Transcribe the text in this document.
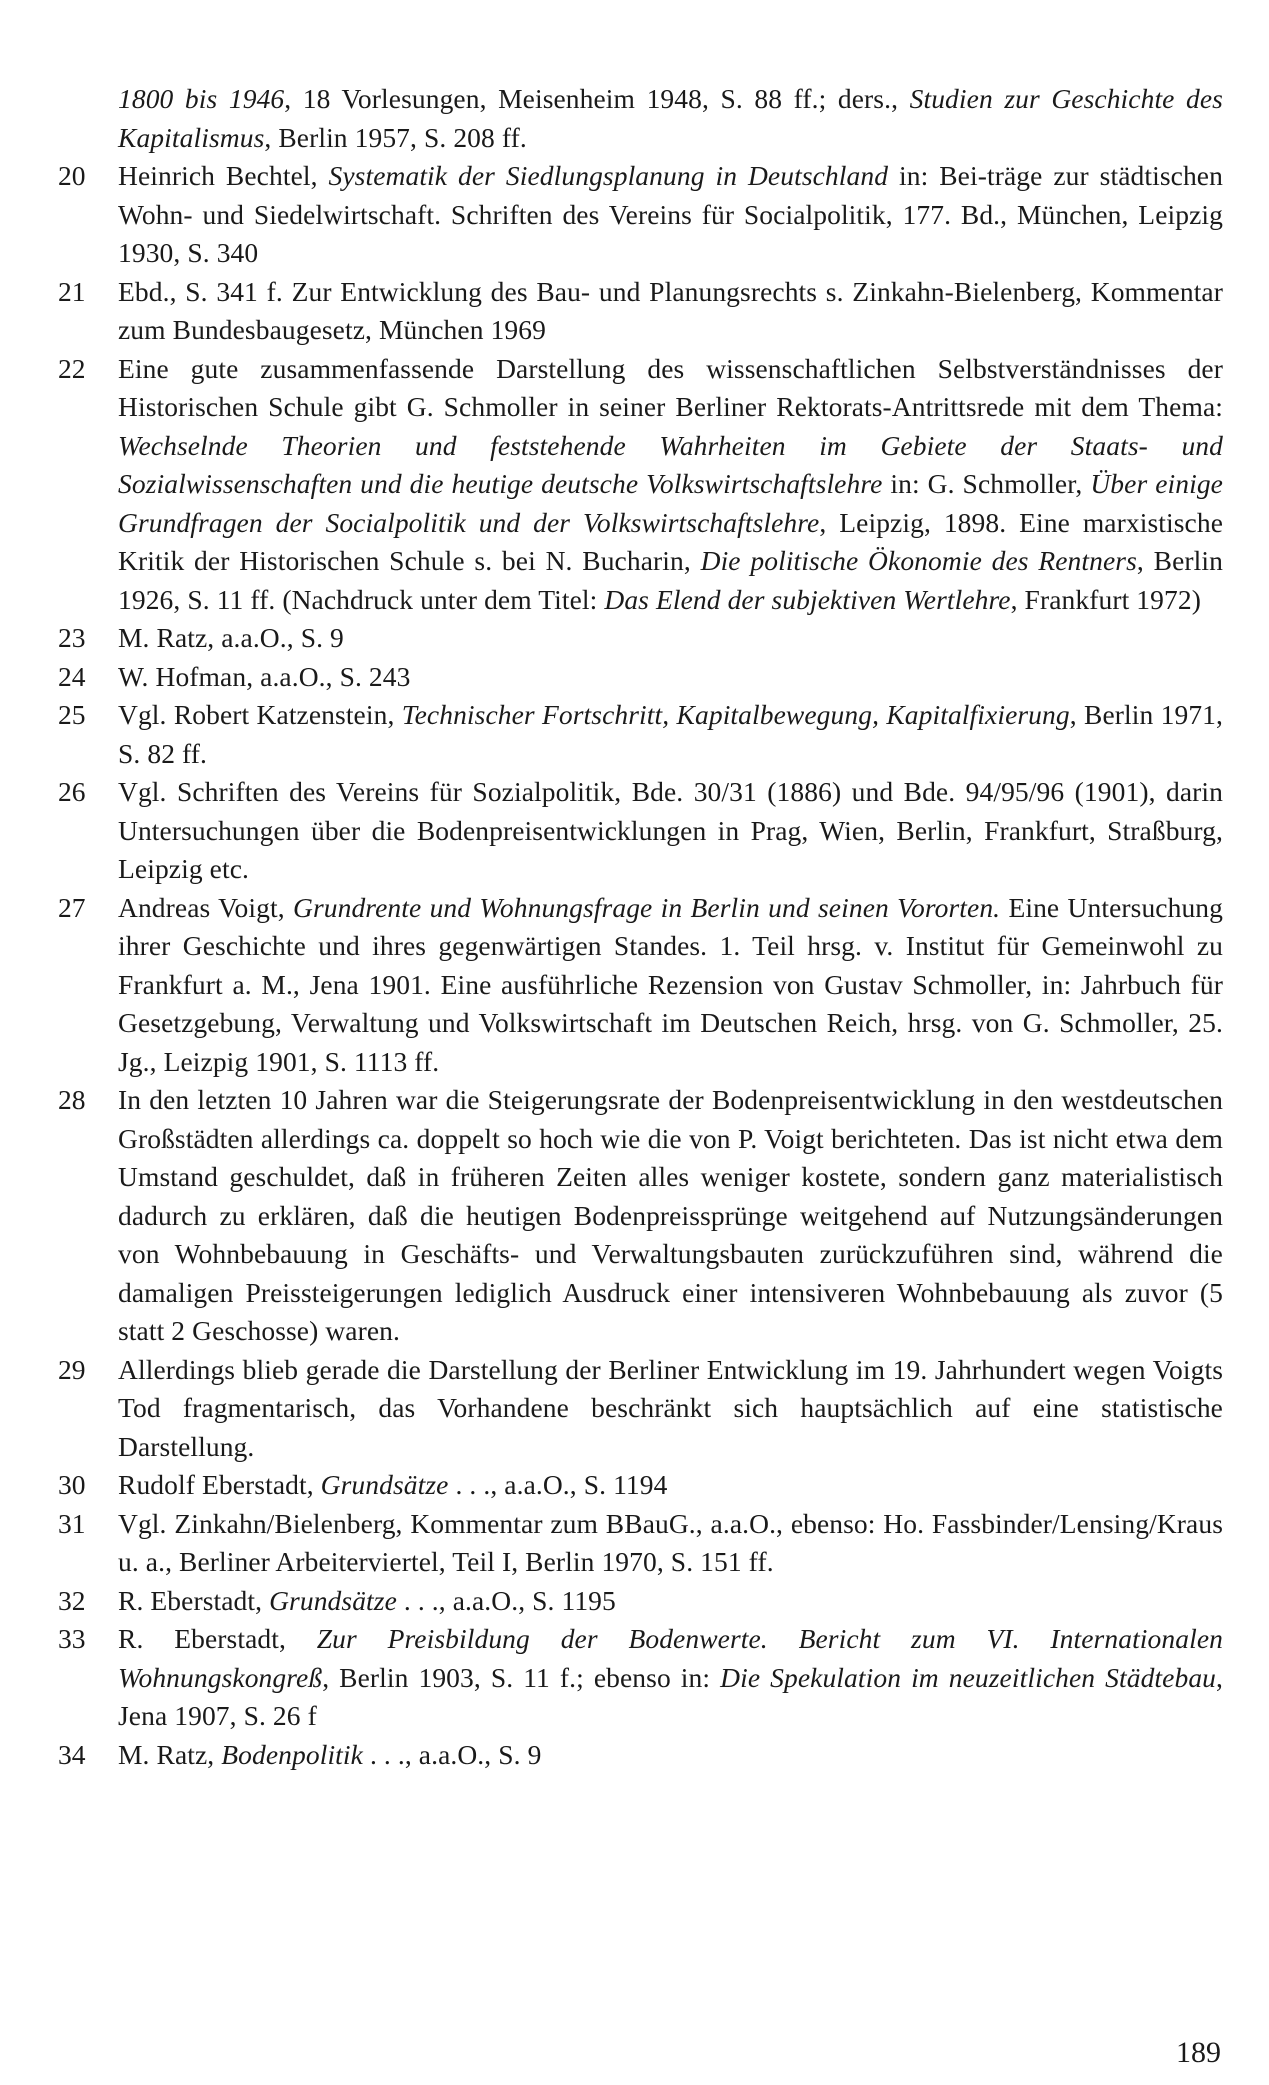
1800 bis 1946, 18 Vorlesungen, Meisenheim 1948, S. 88 ff.; ders., Studien zur Geschichte des Kapitalismus, Berlin 1957, S. 208 ff.
20	Heinrich Bechtel, Systematik der Siedlungsplanung in Deutschland in: Bei-träge zur städtischen Wohn- und Siedelwirtschaft. Schriften des Vereins für Socialpolitik, 177. Bd., München, Leipzig 1930, S. 340
21	Ebd., S. 341 f. Zur Entwicklung des Bau- und Planungsrechts s. Zinkahn-Bielenberg, Kommentar zum Bundesbaugesetz, München 1969
22	Eine gute zusammenfassende Darstellung des wissenschaftlichen Selbstverständnisses der Historischen Schule gibt G. Schmoller in seiner Berliner Rektorats-Antrittsrede mit dem Thema: Wechselnde Theorien und feststehende Wahrheiten im Gebiete der Staats- und Sozialwissenschaften und die heutige deutsche Volkswirtschaftslehre in: G. Schmoller, Über einige Grundfragen der Socialpolitik und der Volkswirtschaftslehre, Leipzig, 1898. Eine marxistische Kritik der Historischen Schule s. bei N. Bucharin, Die politische Ökonomie des Rentners, Berlin 1926, S. 11 ff. (Nachdruck unter dem Titel: Das Elend der subjektiven Wertlehre, Frankfurt 1972)
23	M. Ratz, a.a.O., S. 9
24	W. Hofman, a.a.O., S. 243
25	Vgl. Robert Katzenstein, Technischer Fortschritt, Kapitalbewegung, Kapitalfixierung, Berlin 1971, S. 82 ff.
26	Vgl. Schriften des Vereins für Sozialpolitik, Bde. 30/31 (1886) und Bde. 94/95/96 (1901), darin Untersuchungen über die Bodenpreisentwicklungen in Prag, Wien, Berlin, Frankfurt, Straßburg, Leipzig etc.
27	Andreas Voigt, Grundrente und Wohnungsfrage in Berlin und seinen Vororten. Eine Untersuchung ihrer Geschichte und ihres gegenwärtigen Standes. 1. Teil hrsg. v. Institut für Gemeinwohl zu Frankfurt a. M., Jena 1901. Eine ausführliche Rezension von Gustav Schmoller, in: Jahrbuch für Gesetzgebung, Verwaltung und Volkswirtschaft im Deutschen Reich, hrsg. von G. Schmoller, 25. Jg., Leizpig 1901, S. 1113 ff.
28	In den letzten 10 Jahren war die Steigerungsrate der Bodenpreisentwicklung in den westdeutschen Großstädten allerdings ca. doppelt so hoch wie die von P. Voigt berichteten. Das ist nicht etwa dem Umstand geschuldet, daß in früheren Zeiten alles weniger kostete, sondern ganz materialistisch dadurch zu erklären, daß die heutigen Bodenpreissprünge weitgehend auf Nutzungsänderungen von Wohnbebauung in Geschäfts- und Verwaltungsbauten zurückzuführen sind, während die damaligen Preissteigerungen lediglich Ausdruck einer intensiveren Wohnbebauung als zuvor (5 statt 2 Geschosse) waren.
29	Allerdings blieb gerade die Darstellung der Berliner Entwicklung im 19. Jahrhundert wegen Voigts Tod fragmentarisch, das Vorhandene beschränkt sich hauptsächlich auf eine statistische Darstellung.
30	Rudolf Eberstadt, Grundsätze . . ., a.a.O., S. 1194
31	Vgl. Zinkahn/Bielenberg, Kommentar zum BBauG., a.a.O., ebenso: Ho. Fassbinder/Lensing/Kraus u. a., Berliner Arbeiterviertel, Teil I, Berlin 1970, S. 151 ff.
32	R. Eberstadt, Grundsätze . . ., a.a.O., S. 1195
33	R. Eberstadt, Zur Preisbildung der Bodenwerte. Bericht zum VI. Internationalen Wohnungskongreß, Berlin 1903, S. 11 f.; ebenso in: Die Spekulation im neuzeitlichen Städtebau, Jena 1907, S. 26 f
34	M. Ratz, Bodenpolitik . . ., a.a.O., S. 9
189
